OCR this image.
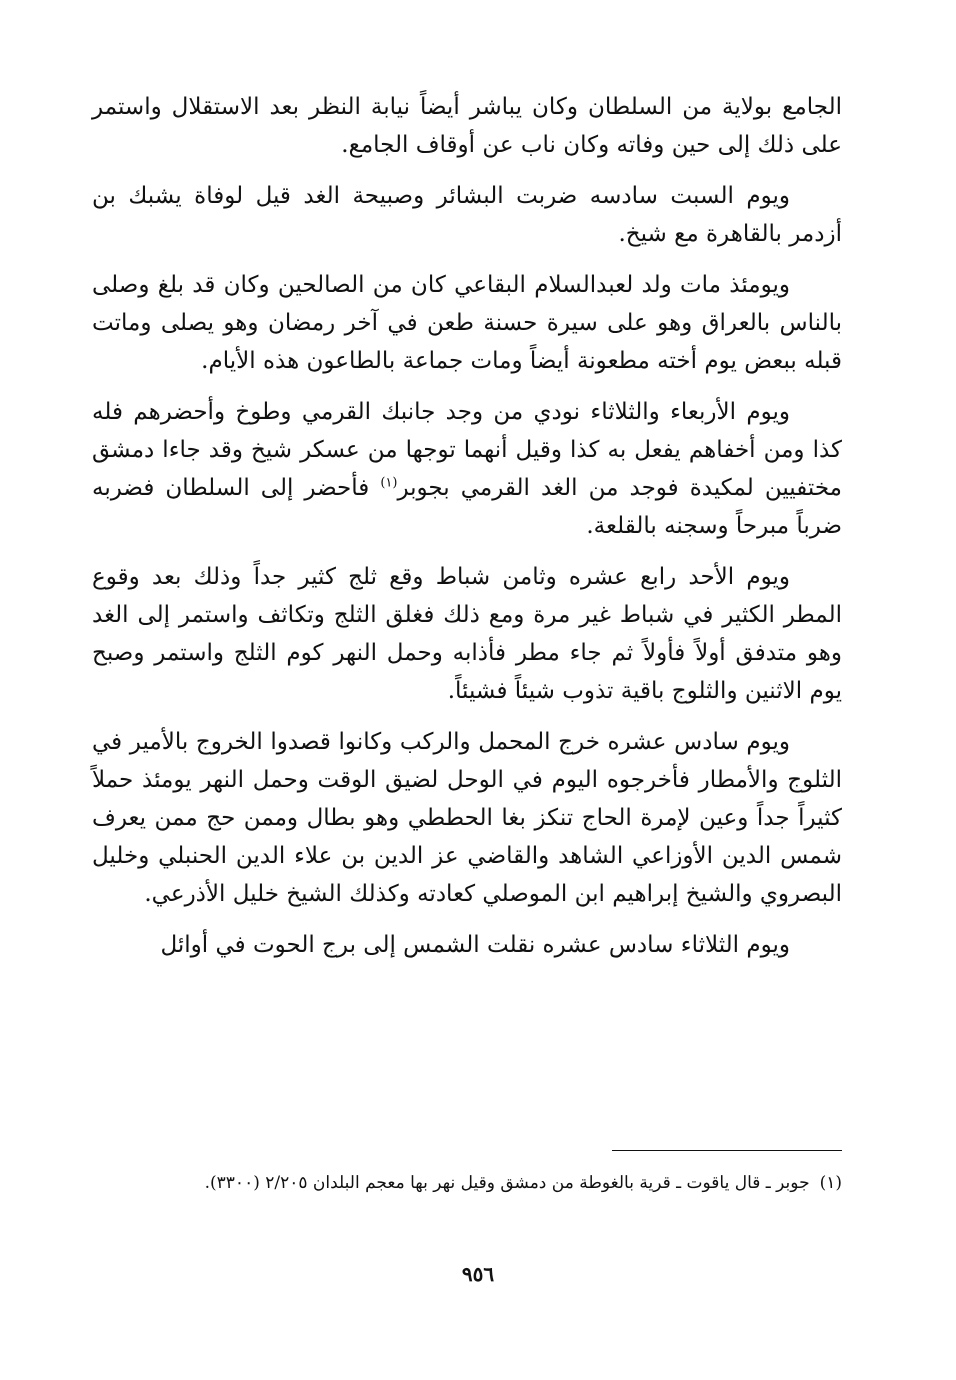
الجامع بولاية من السلطان وكان يباشر أيضاً نيابة النظر بعد الاستقلال واستمر على ذلك إلى حين وفاته وكان ناب عن أوقاف الجامع.

ويوم السبت سادسه ضربت البشائر وصبيحة الغد قيل لوفاة يشبك بن أزدمر بالقاهرة مع شيخ.

ويومئذ مات ولد لعبدالسلام البقاعي كان من الصالحين وكان قد بلغ وصلى بالناس بالعراق وهو على سيرة حسنة طعن في آخر رمضان وهو يصلى وماتت قبله ببعض يوم أخته مطعونة أيضاً ومات جماعة بالطاعون هذه الأيام.

ويوم الأربعاء والثلاثاء نودي من وجد جانبك القرمي وطوخ وأحضرهم فله كذا ومن أخفاهم يفعل به كذا وقيل أنهما توجها من عسكر شيخ وقد جاءا دمشق مختفيين لمكيدة فوجد من الغد القرمي بجوبر$^{(١)}$ فأحضر إلى السلطان فضربه ضرباً مبرحاً وسجنه بالقلعة.

ويوم الأحد رابع عشره وثامن شباط وقع ثلج كثير جداً وذلك بعد وقوع المطر الكثير في شباط غير مرة ومع ذلك فغلق الثلج وتكاثف واستمر إلى الغد وهو متدفق أولاً فأولاً ثم جاء مطر فأذابه وحمل النهر كوم الثلج واستمر وصبح يوم الاثنين والثلوج باقية تذوب شيئاً فشيئاً.

ويوم سادس عشره خرج المحمل والركب وكانوا قصدوا الخروج بالأمير في الثلوج والأمطار فأخرجوه اليوم في الوحل لضيق الوقت وحمل النهر يومئذ حملاً كثيراً جداً وعين لإمرة الحاج تنكز بغا الحططي وهو بطال وممن حج ممن يعرف شمس الدين الأوزاعي الشاهد والقاضي عز الدين بن علاء الدين الحنبلي وخليل البصروي والشيخ إبراهيم ابن الموصلي كعادته وكذلك الشيخ خليل الأذرعي.

ويوم الثلاثاء سادس عشره نقلت الشمس إلى برج الحوت في أوائل

(١)جوبر ـ قال ياقوت ـ قرية بالغوطة من دمشق وقيل نهر بها معجم البلدان ٢/٢٠٥ (٣٣٠٠).
٩٥٦
